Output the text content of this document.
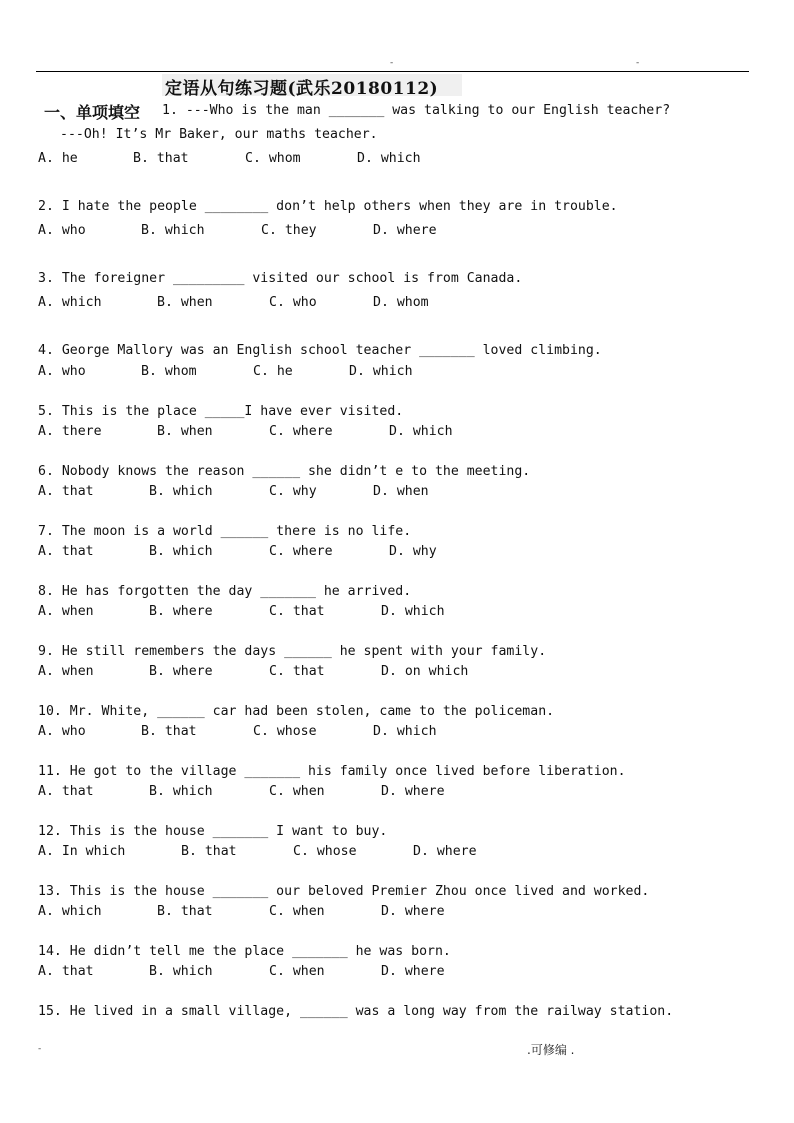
-	-
定语从句练习题(武乐20180112)
一、单项填空 1. ---Who is the man _______ was talking to our English teacher?
---Oh! It’s Mr Baker, our maths teacher.
A. he	B. that	C. whom	D. which
2. I hate the people ________ don’t help others when they are in trouble.
A. who	B. which	C. they	D. where
3. The foreigner _________ visited our school is from Canada.
A. which	B. when	C. who	D. whom
4. George Mallory was an English school teacher _______ loved climbing.
A. who	B. whom	C. he	D. which
5. This is the place _____I have ever visited.
A. there	B. when	C. where	D. which
6. Nobody knows the reason ______ she didn’t e to the meeting.
A. that	B. which	C. why	D. when
7. The moon is a world ______ there is no life.
A. that	B. which	C. where	D. why
8. He has forgotten the day _______ he arrived.
A. when	B. where	C. that	D. which
9. He still remembers the days ______ he spent with your family.
A. when	B. where	C. that	D. on which
10. Mr. White, ______ car had been stolen, came to the policeman.
A. who	B. that	C. whose	D. which
11. He got to the village _______ his family once lived before liberation.
A. that	B. which	C. when	D. where
12. This is the house _______ I want to buy.
A. In which	B. that	C. whose	D. where
13. This is the house _______ our beloved Premier Zhou once lived and worked.
A. which	B. that	C. when	D. where
14. He didn’t tell me the place _______ he was born.
A. that	B. which	C. when	D. where
15. He lived in a small village, ______ was a long way from the railway station.
-	.可修编 .
